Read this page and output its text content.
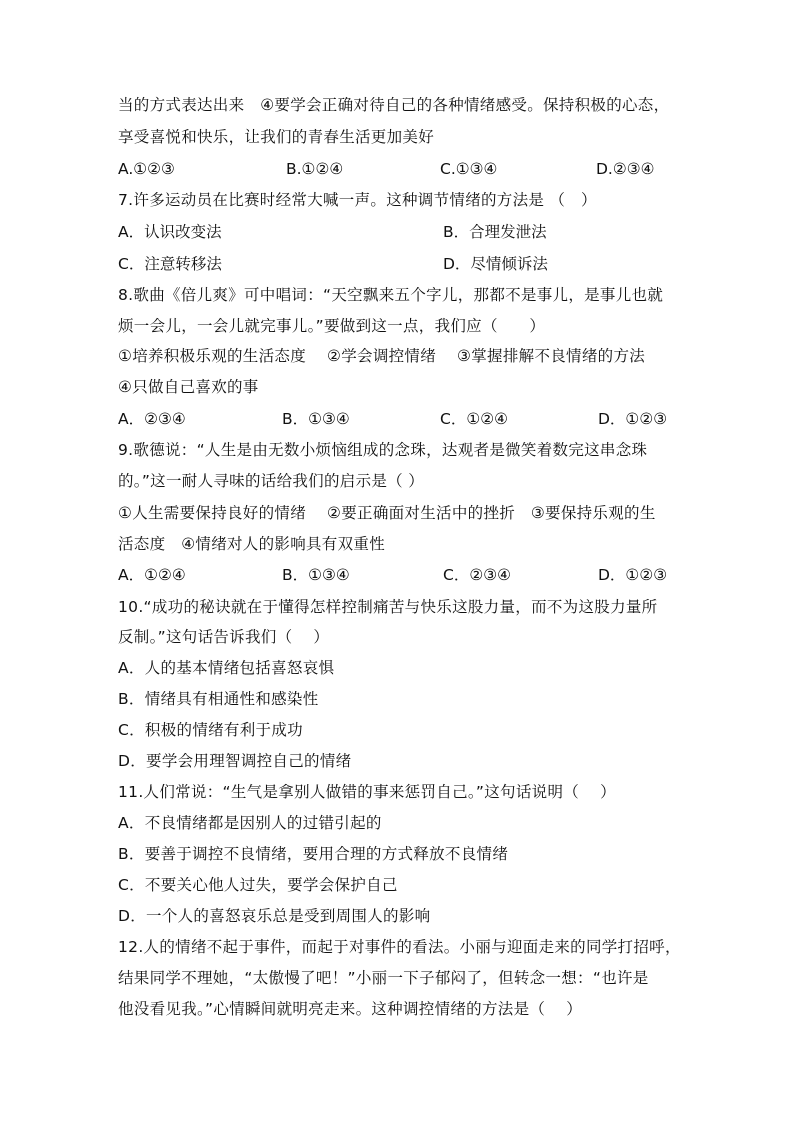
当的方式表达出来　④要学会正确对待自己的各种情绪感受。保持积极的心态，
享受喜悦和快乐，让我们的青春生活更加美好
A.①②③	B.①②④	C.①③④	D.②③④
7.许多运动员在比赛时经常大喊一声。这种调节情绪的方法是 （　）
A．认识改变法	B．合理发泄法
C．注意转移法	D．尽情倾诉法
8.歌曲《倍儿爽》可中唱词：“天空飘来五个字儿，那都不是事儿，是事儿也就
烦一会儿，一会儿就完事儿。”要做到这一点，我们应（　　）
①培养积极乐观的生活态度　 ②学会调控情绪　 ③掌握排解不良情绪的方法
④只做自己喜欢的事
A．②③④	B．①③④	C．①②④	D．①②③
9.歌德说：“人生是由无数小烦恼组成的念珠，达观者是微笑着数完这串念珠
的。”这一耐人寻味的话给我们的启示是（ ）
①人生需要保持良好的情绪　 ②要正确面对生活中的挫折　③要保持乐观的生
活态度　④情绪对人的影响具有双重性
A．①②④	B．①③④	C．②③④	D．①②③
10.“成功的秘诀就在于懂得怎样控制痛苦与快乐这股力量，而不为这股力量所
反制。”这句话告诉我们（　 ）
A．人的基本情绪包括喜怒哀惧
B．情绪具有相通性和感染性
C．积极的情绪有利于成功
D．要学会用理智调控自己的情绪
11.人们常说：“生气是拿别人做错的事来惩罚自己。”这句话说明（　 ）
A．不良情绪都是因别人的过错引起的
B．要善于调控不良情绪，要用合理的方式释放不良情绪
C．不要关心他人过失，要学会保护自己
D．一个人的喜怒哀乐总是受到周围人的影响
12.人的情绪不起于事件，而起于对事件的看法。小丽与迎面走来的同学打招呼，
结果同学不理她，“太傲慢了吧！”小丽一下子郁闷了，但转念一想：“也许是
他没看见我。”心情瞬间就明亮走来。这种调控情绪的方法是（　 ）
